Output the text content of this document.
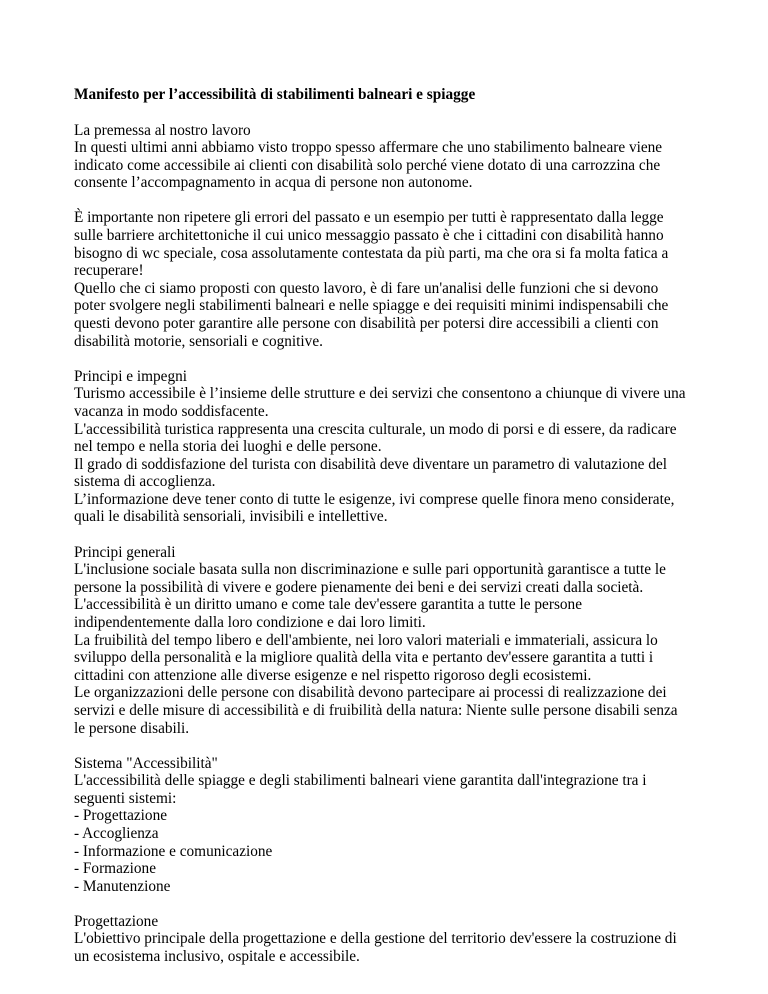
Manifesto per l’accessibilità di stabilimenti balneari e spiagge
La premessa al nostro lavoro
In questi ultimi anni abbiamo visto troppo spesso affermare che uno stabilimento balneare viene
indicato come accessibile ai clienti con disabilità solo perché viene dotato di una carrozzina che
consente l’accompagnamento in acqua di persone non autonome.
È importante non ripetere gli errori del passato e un esempio per tutti è rappresentato dalla legge
sulle barriere architettoniche il cui unico messaggio passato è che i cittadini con disabilità hanno
bisogno di wc speciale, cosa assolutamente contestata da più parti, ma che ora si fa molta fatica a
recuperare!
Quello che ci siamo proposti con questo lavoro, è di fare un'analisi delle funzioni che si devono
poter svolgere negli stabilimenti balneari e nelle spiagge e dei requisiti minimi indispensabili che
questi devono poter garantire alle persone con disabilità per potersi dire accessibili a clienti con
disabilità motorie, sensoriali e cognitive.
Principi e impegni
Turismo accessibile è l’insieme delle strutture e dei servizi che consentono a chiunque di vivere una
vacanza in modo soddisfacente.
L'accessibilità turistica rappresenta una crescita culturale, un modo di porsi e di essere, da radicare
nel tempo e nella storia dei luoghi e delle persone.
Il grado di soddisfazione del turista con disabilità deve diventare un parametro di valutazione del
sistema di accoglienza.
L’informazione deve tener conto di tutte le esigenze, ivi comprese quelle finora meno considerate,
quali le disabilità sensoriali, invisibili e intellettive.
Principi generali
L'inclusione sociale basata sulla non discriminazione e sulle pari opportunità garantisce a tutte le
persone la possibilità di vivere e godere pienamente dei beni e dei servizi creati dalla società.
L'accessibilità è un diritto umano e come tale dev'essere garantita a tutte le persone
indipendentemente dalla loro condizione e dai loro limiti.
La fruibilità del tempo libero e dell'ambiente, nei loro valori materiali e immateriali, assicura lo
sviluppo della personalità e la migliore qualità della vita e pertanto dev'essere garantita a tutti i
cittadini con attenzione alle diverse esigenze e nel rispetto rigoroso degli ecosistemi.
Le organizzazioni delle persone con disabilità devono partecipare ai processi di realizzazione dei
servizi e delle misure di accessibilità e di fruibilità della natura: Niente sulle persone disabili senza
le persone disabili.
Sistema "Accessibilità"
L'accessibilità delle spiagge e degli stabilimenti balneari viene garantita dall'integrazione tra i
seguenti sistemi:
- Progettazione
- Accoglienza
- Informazione e comunicazione
- Formazione
- Manutenzione
Progettazione
L'obiettivo principale della progettazione e della gestione del territorio dev'essere la costruzione di
un ecosistema inclusivo, ospitale e accessibile.
